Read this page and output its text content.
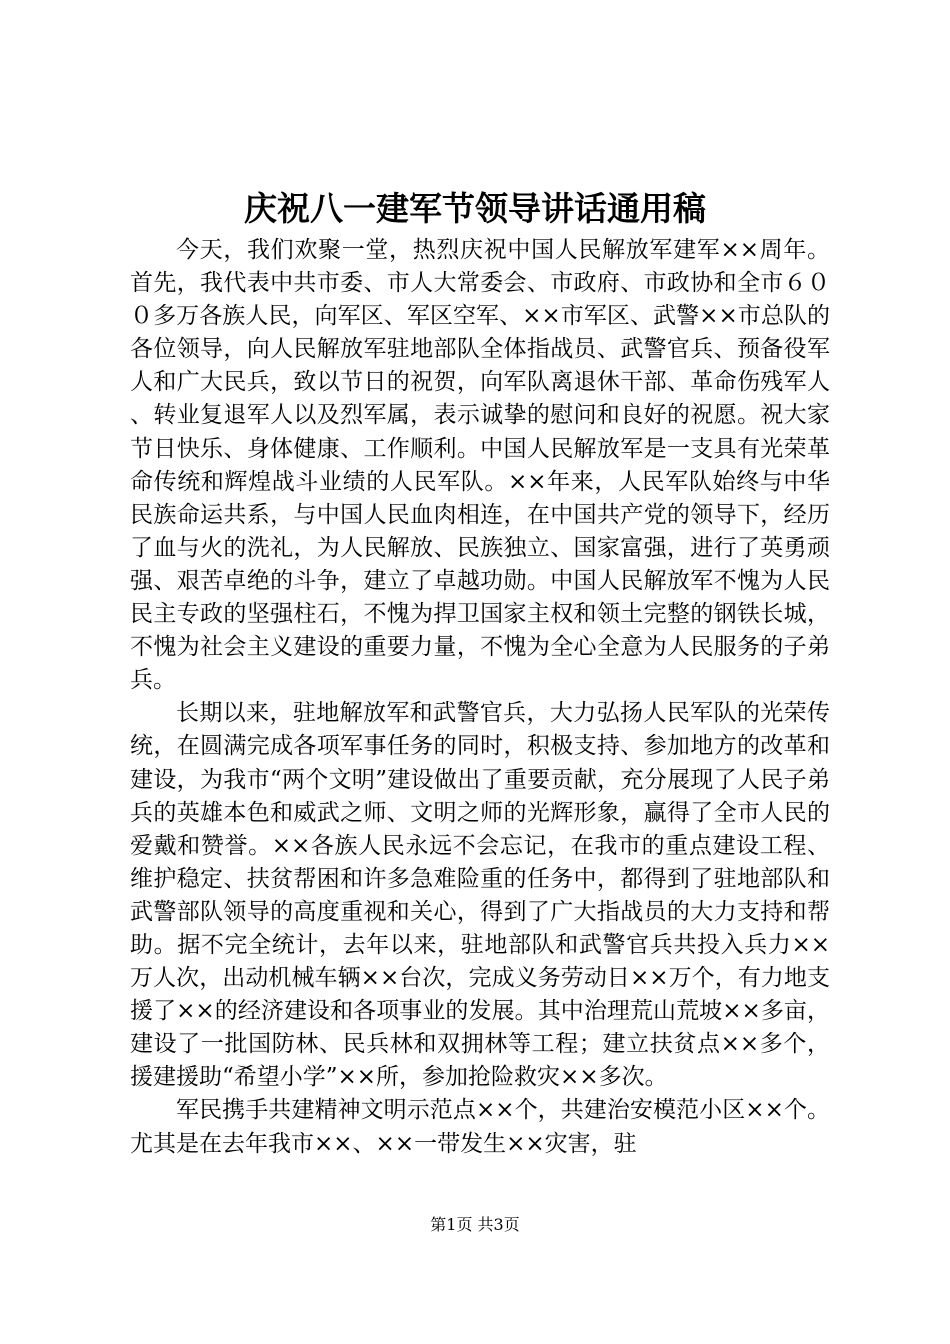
庆祝八一建军节领导讲话通用稿

今天，我们欢聚一堂，热烈庆祝中国人民解放军建军××周年。首先，我代表中共市委、市人大常委会、市政府、市政协和全市６００多万各族人民，向军区、军区空军、××市军区、武警××市总队的各位领导，向人民解放军驻地部队全体指战员、武警官兵、预备役军人和广大民兵，致以节日的祝贺，向军队离退休干部、革命伤残军人、转业复退军人以及烈军属，表示诚挚的慰问和良好的祝愿。祝大家节日快乐、身体健康、工作顺利。中国人民解放军是一支具有光荣革命传统和辉煌战斗业绩的人民军队。××年来，人民军队始终与中华民族命运共系，与中国人民血肉相连，在中国共产党的领导下，经历了血与火的洗礼，为人民解放、民族独立、国家富强，进行了英勇顽强、艰苦卓绝的斗争，建立了卓越功勋。中国人民解放军不愧为人民民主专政的坚强柱石，不愧为捍卫国家主权和领土完整的钢铁长城，不愧为社会主义建设的重要力量，不愧为全心全意为人民服务的子弟兵。

长期以来，驻地解放军和武警官兵，大力弘扬人民军队的光荣传统，在圆满完成各项军事任务的同时，积极支持、参加地方的改革和建设，为我市“两个文明”建设做出了重要贡献，充分展现了人民子弟兵的英雄本色和威武之师、文明之师的光辉形象，赢得了全市人民的爱戴和赞誉。××各族人民永远不会忘记，在我市的重点建设工程、维护稳定、扶贫帮困和许多急难险重的任务中，都得到了驻地部队和武警部队领导的高度重视和关心，得到了广大指战员的大力支持和帮助。据不完全统计，去年以来，驻地部队和武警官兵共投入兵力××万人次，出动机械车辆××台次，完成义务劳动日××万个，有力地支援了××的经济建设和各项事业的发展。其中治理荒山荒坡××多亩，建设了一批国防林、民兵林和双拥林等工程；建立扶贫点××多个，援建援助“希望小学”××所，参加抢险救灾××多次。

军民携手共建精神文明示范点××个，共建治安模范小区××个。尤其是在去年我市××、××一带发生××灾害，驻

第1页 共3页
